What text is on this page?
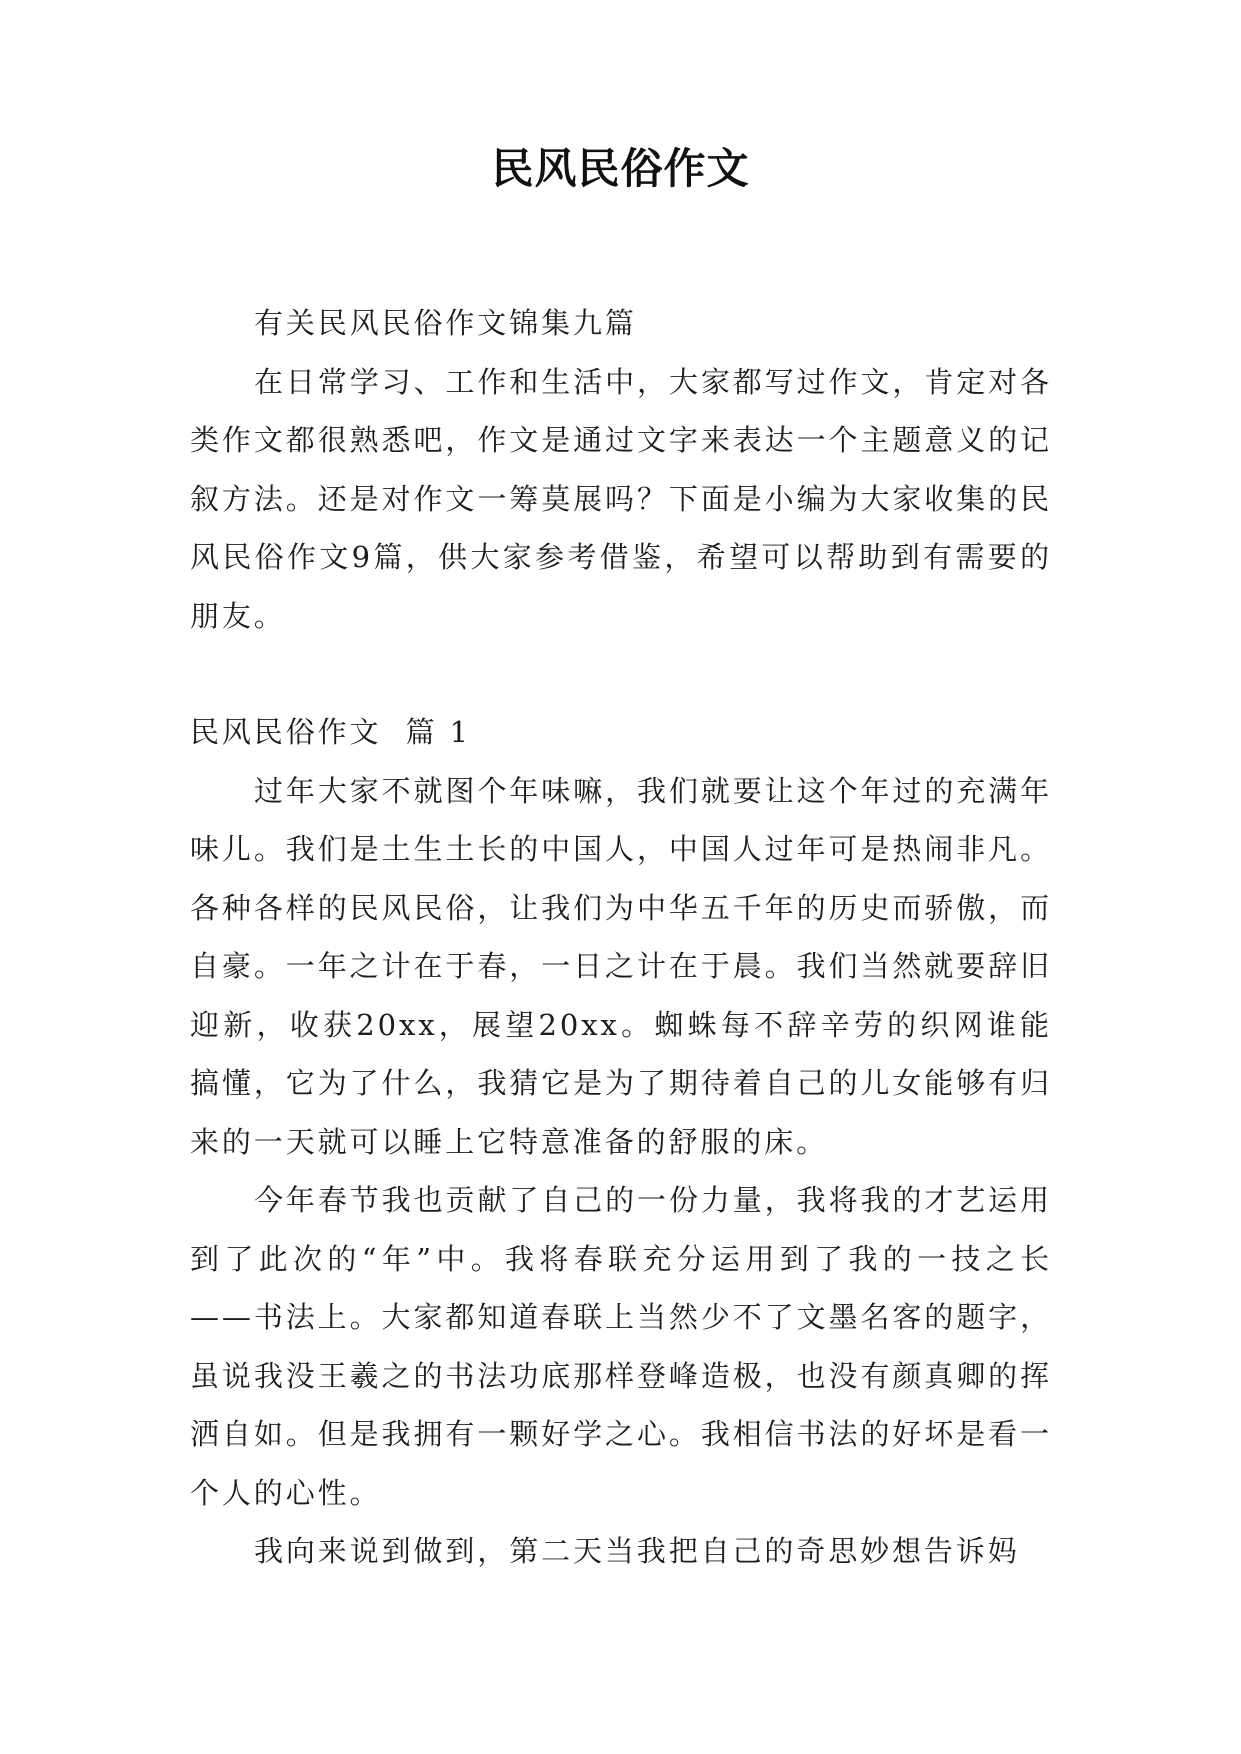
民风民俗作文

有关民风民俗作文锦集九篇

在日常学习、工作和生活中，大家都写过作文，肯定对各类作文都很熟悉吧，作文是通过文字来表达一个主题意义的记叙方法。还是对作文一筹莫展吗？下面是小编为大家收集的民风民俗作文9篇，供大家参考借鉴，希望可以帮助到有需要的朋友。

民风民俗作文  篇 1

过年大家不就图个年味嘛，我们就要让这个年过的充满年味儿。我们是土生土长的中国人，中国人过年可是热闹非凡。各种各样的民风民俗，让我们为中华五千年的历史而骄傲，而自豪。一年之计在于春，一日之计在于晨。我们当然就要辞旧迎新，收获20xx，展望20xx。蜘蛛每不辞辛劳的织网谁能搞懂，它为了什么，我猜它是为了期待着自己的儿女能够有归来的一天就可以睡上它特意准备的舒服的床。

今年春节我也贡献了自己的一份力量，我将我的才艺运用到了此次的“年”中。我将春联充分运用到了我的一技之长——书法上。大家都知道春联上当然少不了文墨名客的题字，虽说我没王羲之的书法功底那样登峰造极，也没有颜真卿的挥洒自如。但是我拥有一颗好学之心。我相信书法的好坏是看一个人的心性。

我向来说到做到，第二天当我把自己的奇思妙想告诉妈
